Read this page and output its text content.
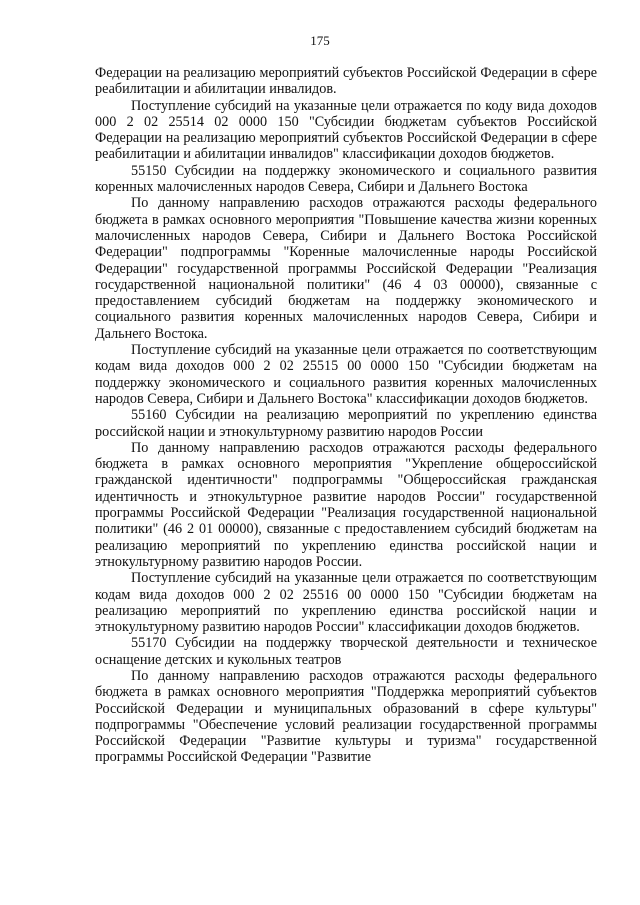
175

Федерации на реализацию мероприятий субъектов Российской Федерации в сфере реабилитации и абилитации инвалидов.

Поступление субсидий на указанные цели отражается по коду вида доходов 000 2 02 25514 02 0000 150 "Субсидии бюджетам субъектов Российской Федерации на реализацию мероприятий субъектов Российской Федерации в сфере реабилитации и абилитации инвалидов" классификации доходов бюджетов.

55150 Субсидии на поддержку экономического и социального развития коренных малочисленных народов Севера, Сибири и Дальнего Востока

По данному направлению расходов отражаются расходы федерального бюджета в рамках основного мероприятия "Повышение качества жизни коренных малочисленных народов Севера, Сибири и Дальнего Востока Российской Федерации" подпрограммы "Коренные малочисленные народы Российской Федерации" государственной программы Российской Федерации "Реализация государственной национальной политики" (46 4 03 00000), связанные с предоставлением субсидий бюджетам на поддержку экономического и социального развития коренных малочисленных народов Севера, Сибири и Дальнего Востока.

Поступление субсидий на указанные цели отражается по соответствующим кодам вида доходов 000 2 02 25515 00 0000 150 "Субсидии бюджетам на поддержку экономического и социального развития коренных малочисленных народов Севера, Сибири и Дальнего Востока" классификации доходов бюджетов.

55160 Субсидии на реализацию мероприятий по укреплению единства российской нации и этнокультурному развитию народов России

По данному направлению расходов отражаются расходы федерального бюджета в рамках основного мероприятия "Укрепление общероссийской гражданской идентичности" подпрограммы "Общероссийская гражданская идентичность и этнокультурное развитие народов России" государственной программы Российской Федерации "Реализация государственной национальной политики" (46 2 01 00000), связанные с предоставлением субсидий бюджетам на реализацию мероприятий по укреплению единства российской нации и этнокультурному развитию народов России.

Поступление субсидий на указанные цели отражается по соответствующим кодам вида доходов 000 2 02 25516 00 0000 150 "Субсидии бюджетам на реализацию мероприятий по укреплению единства российской нации и этнокультурному развитию народов России" классификации доходов бюджетов.

55170 Субсидии на поддержку творческой деятельности и техническое оснащение детских и кукольных театров

По данному направлению расходов отражаются расходы федерального бюджета в рамках основного мероприятия "Поддержка мероприятий субъектов Российской Федерации и муниципальных образований в сфере культуры" подпрограммы "Обеспечение условий реализации государственной программы Российской Федерации "Развитие культуры и туризма" государственной программы Российской Федерации "Развитие
